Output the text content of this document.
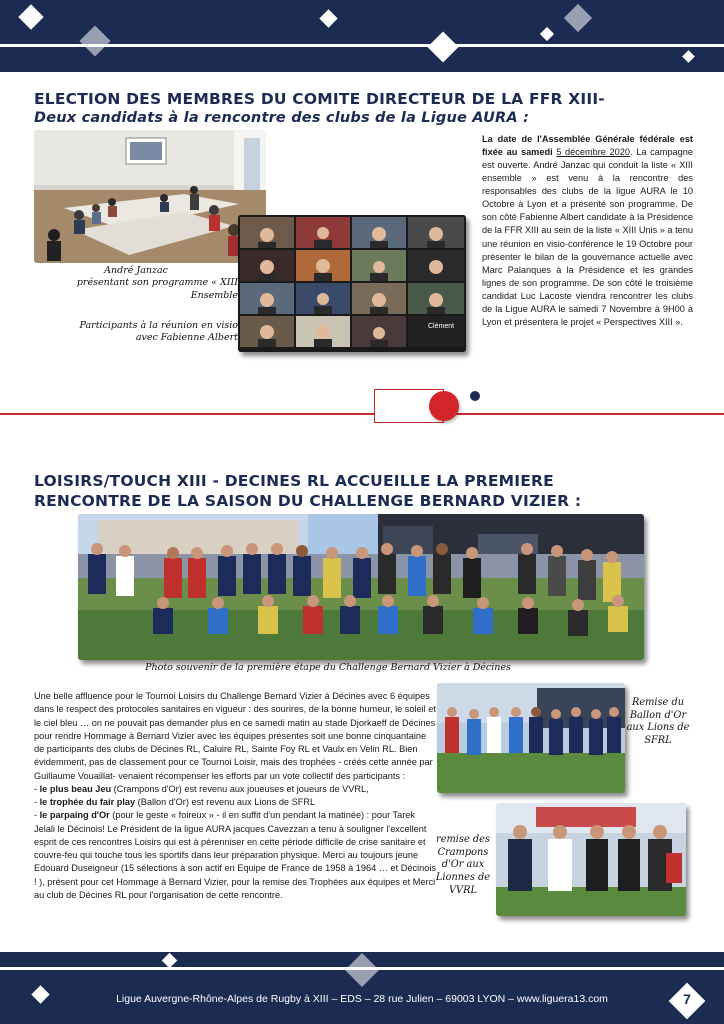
ELECTION DES MEMBRES DU COMITE DIRECTEUR DE LA FFR XIII-
Deux candidats à la rencontre des clubs de la Ligue AURA :
Clément
André Janzac
présentant son programme « XIII Ensemble
Participants à la réunion en visio
avec Fabienne Albert
La date de l'Assemblée Générale fédérale est fixée au samedi 5 décembre 2020. La campagne est ouverte. André Janzac qui conduit la liste « XIII ensemble » est venu à la rencontre des responsables des clubs de la ligue AURA le 10 Octobre à Lyon et a présenté son programme. De son côté Fabienne Albert candidate à la Présidence de la FFR XIII au sein de la liste « XIII Unis » a tenu une réunion en visio-conférence le 19 Octobre pour présenter le bilan de la gouvernance actuelle avec Marc Palanques à la Présidence et les grandes lignes de son programme. De son côté le troisième candidat Luc Lacoste viendra rencontrer les clubs de la Ligue AURA le samedi 7 Novembre à 9H00 à Lyon et présentera le projet « Perspectives XIII ».
LOISIRS/TOUCH XIII - DECINES RL ACCUEILLE LA PREMIERE
RENCONTRE DE LA SAISON DU CHALLENGE BERNARD VIZIER :
Photo souvenir de la première étape du Challenge Bernard Vizier à Décines

Une belle affluence pour le Tournoi Loisirs du Challenge Bernard Vizier à Décines avec 6 équipes dans le respect des protocoles sanitaires en vigueur : des sourires, de la bonne humeur, le soleil et le ciel bleu … on ne pouvait pas demander plus en ce samedi matin au stade Djorkaeff de Décines pour rendre Hommage à Bernard Vizier avec les équipes présentes soit une bonne cinquantaine de participants des clubs de Décines RL, Caluire RL, Sainte Foy RL et Vaulx en Velin RL. Bien évidemment, pas de classement pour ce Tournoi Loisir, mais des trophées - créés cette année par Guillaume Vouaillat- venaient récompenser les efforts par un vote collectif des participants :

- le plus beau Jeu (Crampons d'Or) est revenu aux joueuses et joueurs de VVRL,

- le trophée du fair play (Ballon d'Or) est revenu aux Lions de SFRL

- le parpaing d'Or (pour le geste « foireux » - il en suffit d'un pendant la matinée) : pour Tarek Jelali le Décinois! Le Président de la ligue AURA jacques Cavezzan a tenu à souligner l'excellent esprit de ces rencontres Loisirs qui est à pérenniser en cette période difficile de crise sanitaire et couvre-feu qui touche tous les sportifs dans leur préparation physique. Merci au toujours jeune Edouard Duseigneur (15 sélections à son actif en Equipe de France de 1958 à 1964 … et Décinois ! ), présent pour cet Hommage à Bernard Vizier, pour la remise des Trophées aux équipes et Merci au club de Décines RL pour l'organisation de cette rencontre.

Remise du Ballon d'Or aux Lions de SFRL
remise des Crampons d'Or aux Lionnes de VVRL
Ligue Auvergne-Rhône-Alpes de Rugby à XIII – EDS – 28 rue Julien – 69003 LYON – www.liguera13.com	7
